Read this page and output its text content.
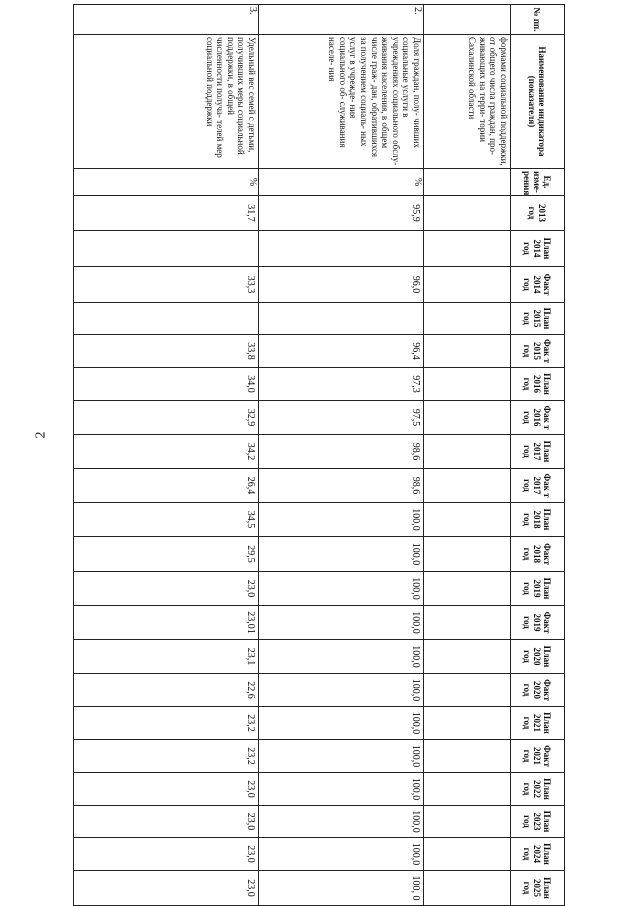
2
№ пп.	Наименование индикатора (показателя)	Ед. изме- рения	2013 год	План 2014 год	Факт 2014 год	План 2015 год	Фак т 2015 год	План 2016 год	Фак т 2016 год	План 2017 год	Фак т 2017 год	План 2018 год	Факт 2018 год	План 2019 год	Факт 2019 год	План 2020 год	Факт 2020 год	План 2021 год	Факт 2021 год	План 2022 год	План 2023 год	План 2024 год	План 2025 год
	формами социальной поддержки, от общего числа граждан, про- живающих на терри- тории Сахалинской области																						
2.	Доля граждан, полу- чивших социальные услуги в учреждениях социального обслу- живания населения, в общем числе граж- дан, обратившихся за получением социаль- ных услуг в учрежде- ния социального об- служивания населе- ния	%	95,9		96,0		96,4	97,3	97,5	98,6	98,6	100,0	100,0	100,0	100,0	100,0	100,0	100,0	100,0	100,0	100,0	100,0	100, 0
3.	Удельный вес семей с детьми, получивших меры социальной поддержки, в общей численности получа- телей мер социальной поддержки	%	31,7		33,3		33,8	34,0	32,9	34,2	26,4	34,5	29,5	23,0	23,01	23,1	22,6	23,2	23,2	23,0	23,0	23,0	23,0
